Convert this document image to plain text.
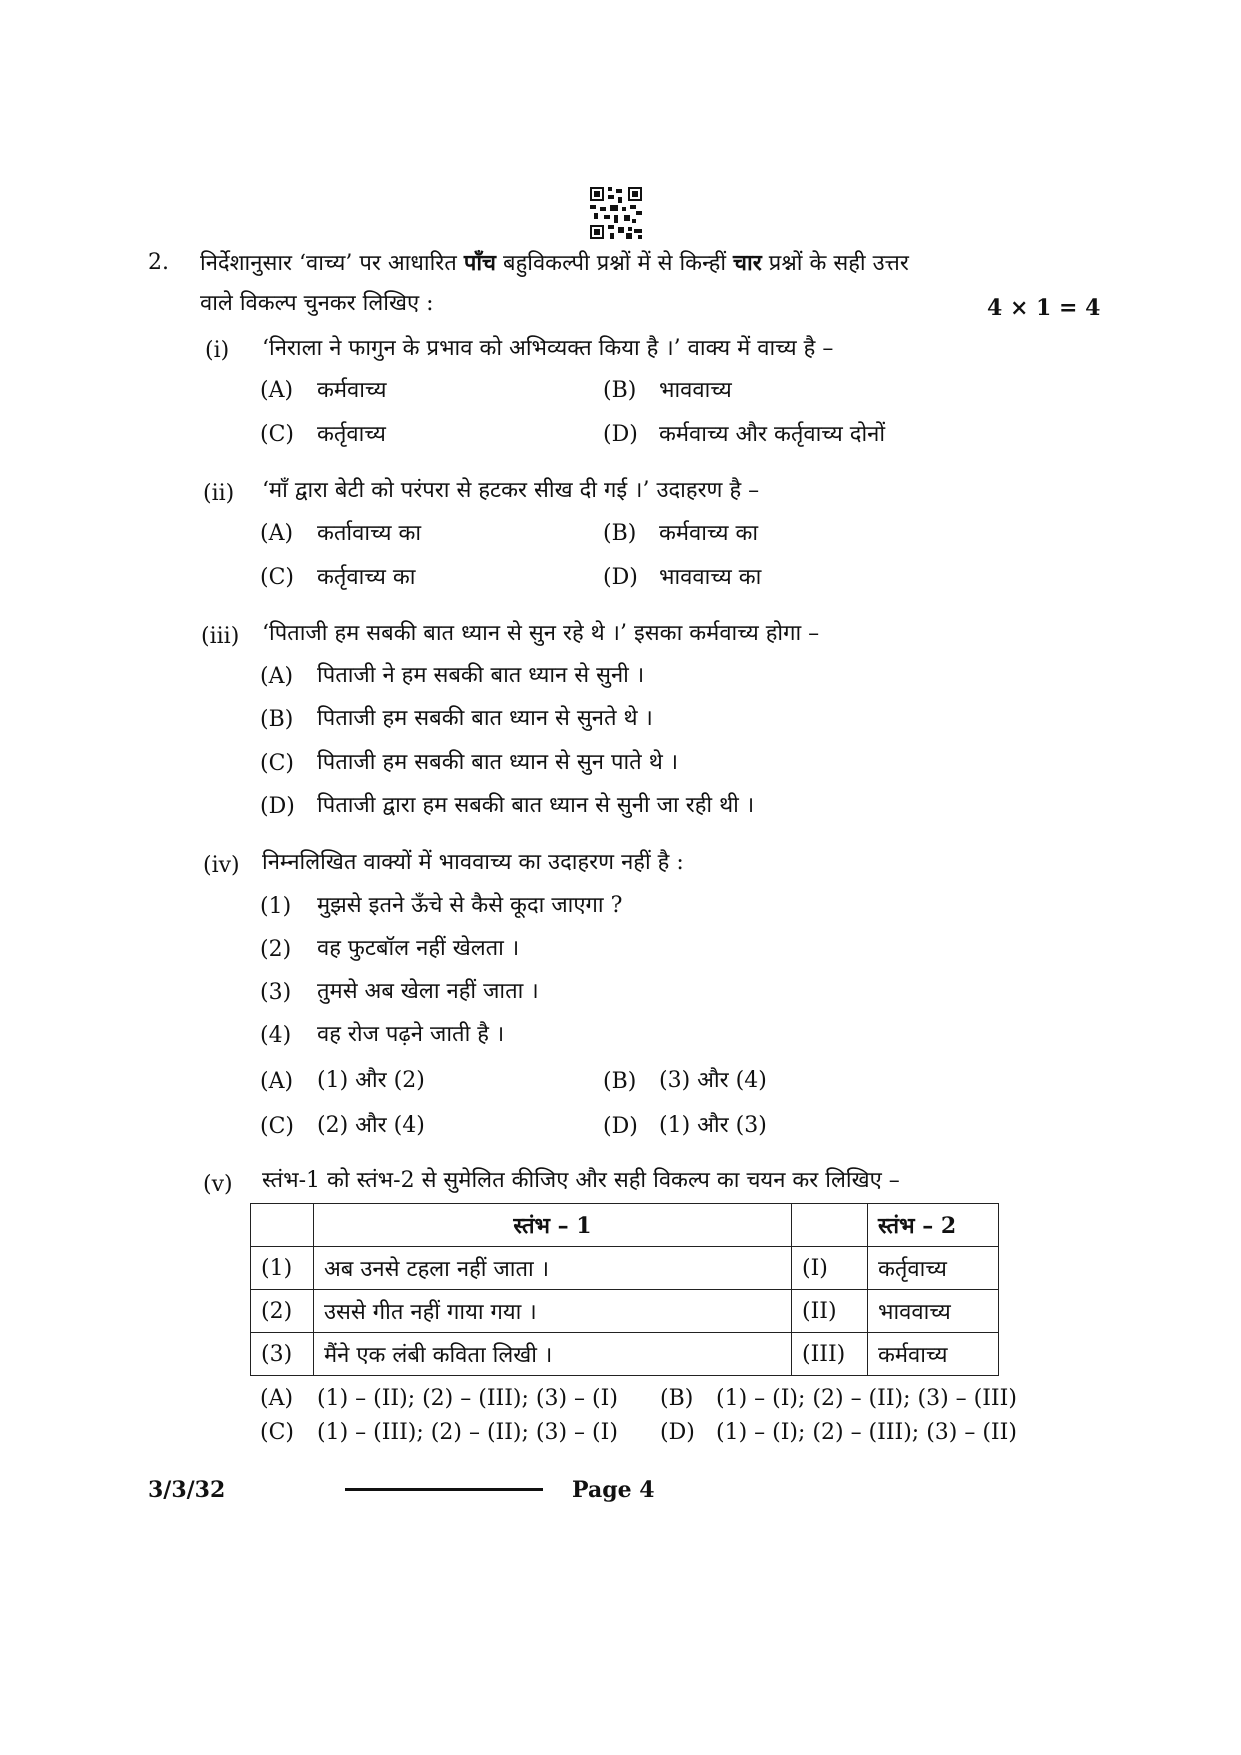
2. निर्देशानुसार ‘वाच्य’ पर आधारित पाँच बहुविकल्पी प्रश्नों में से किन्हीं चार प्रश्नों के सही उत्तर
वाले विकल्प चुनकर लिखिए :	4 × 1 = 4
(i) ‘निराला ने फागुन के प्रभाव को अभिव्यक्त किया है ।’ वाक्य में वाच्य है –
(A) कर्मवाच्य	(B) भाववाच्य
(C) कर्तृवाच्य	(D) कर्मवाच्य और कर्तृवाच्य दोनों
(ii) ‘माँ द्वारा बेटी को परंपरा से हटकर सीख दी गई ।’ उदाहरण है –
(A) कर्तावाच्य का	(B) कर्मवाच्य का
(C) कर्तृवाच्य का	(D) भाववाच्य का
(iii) ‘पिताजी हम सबकी बात ध्यान से सुन रहे थे ।’ इसका कर्मवाच्य होगा –
(A) पिताजी ने हम सबकी बात ध्यान से सुनी ।
(B) पिताजी हम सबकी बात ध्यान से सुनते थे ।
(C) पिताजी हम सबकी बात ध्यान से सुन पाते थे ।
(D) पिताजी द्वारा हम सबकी बात ध्यान से सुनी जा रही थी ।
(iv) निम्नलिखित वाक्यों में भाववाच्य का उदाहरण नहीं है :
(1) मुझसे इतने ऊँचे से कैसे कूदा जाएगा ?
(2) वह फुटबॉल नहीं खेलता ।
(3) तुमसे अब खेला नहीं जाता ।
(4) वह रोज पढ़ने जाती है ।
(A) (1) और (2)	(B) (3) और (4)
(C) (2) और (4)	(D) (1) और (3)
(v) स्तंभ-1 को स्तंभ-2 से सुमेलित कीजिए और सही विकल्प का चयन कर लिखिए –
	स्तंभ – 1		स्तंभ – 2
(1)	अब उनसे टहला नहीं जाता ।	(I)	कर्तृवाच्य
(2)	उससे गीत नहीं गाया गया ।	(II)	भाववाच्य
(3)	मैंने एक लंबी कविता लिखी ।	(III)	कर्मवाच्य
(A) (1) – (II); (2) – (III); (3) – (I) (B) (1) – (I); (2) – (II); (3) – (III)
(C) (1) – (III); (2) – (II); (3) – (I) (D) (1) – (I); (2) – (III); (3) – (II)
3/3/32	Page 4
